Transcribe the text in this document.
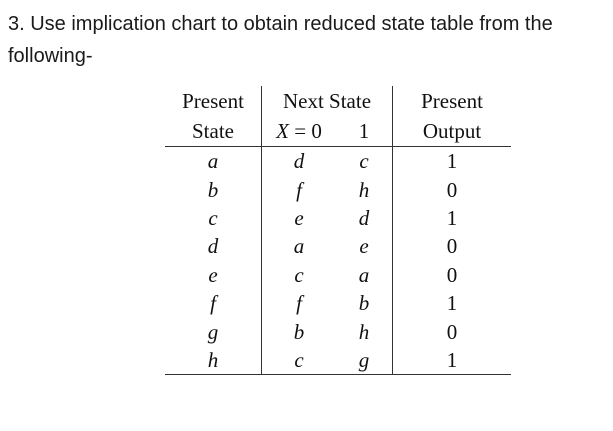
3. Use implication chart to obtain reduced state table from the following-

Present	Next State		Present
State	X = 0	1	Output
a	d	c	1
b	f	h	0
c	e	d	1
d	a	e	0
e	c	a	0
f	f	b	1
g	b	h	0
h	c	g	1
